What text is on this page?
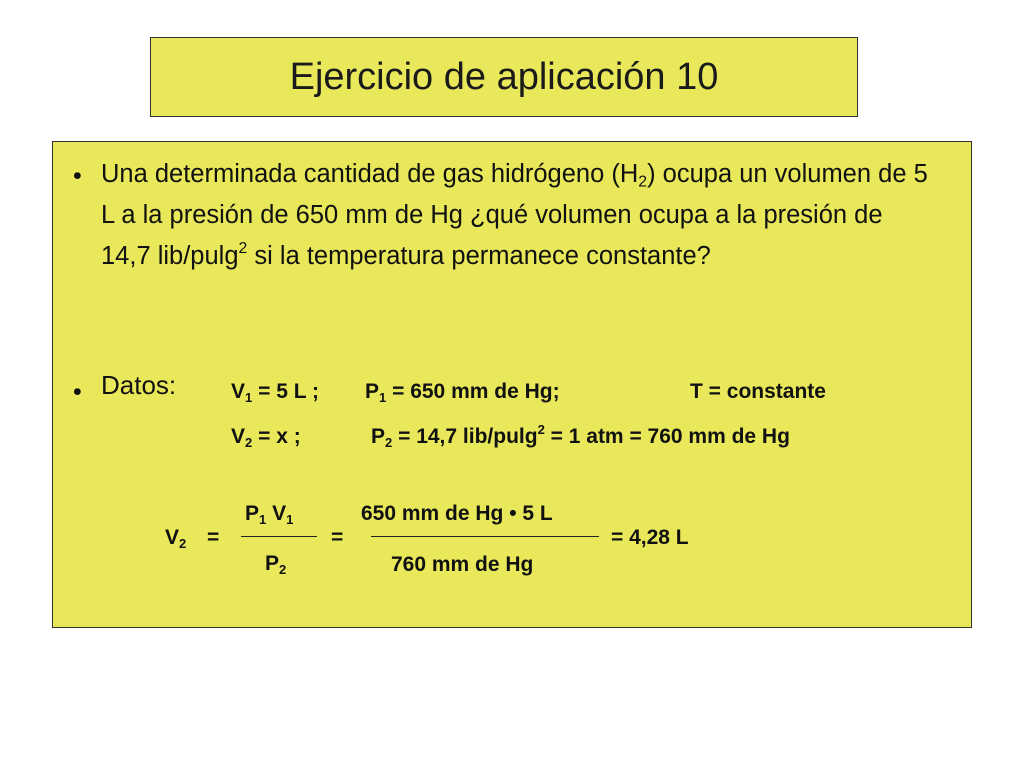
Ejercicio de aplicación 10
• Una determinada cantidad de gas hidrógeno $(H_2)$ ocupa un volumen de 5 L a la presión de 650 mm de Hg ¿qué volumen ocupa a la presión de 14,7 lib/pulg$^2$ si la temperatura permanece constante?
• Datos:	$V_1 = 5$ L ; $P_1 = 650$ mm de Hg;	T = constante
$V_2 = x$ ;	$P_2 = 14,7$ lib/pulg$^2$ = 1 atm = 760 mm de Hg
$V_2$ =
$P_1$ $V_1$
$P_2$
=
650 mm de Hg • 5 L
760 mm de Hg
= 4,28 L
